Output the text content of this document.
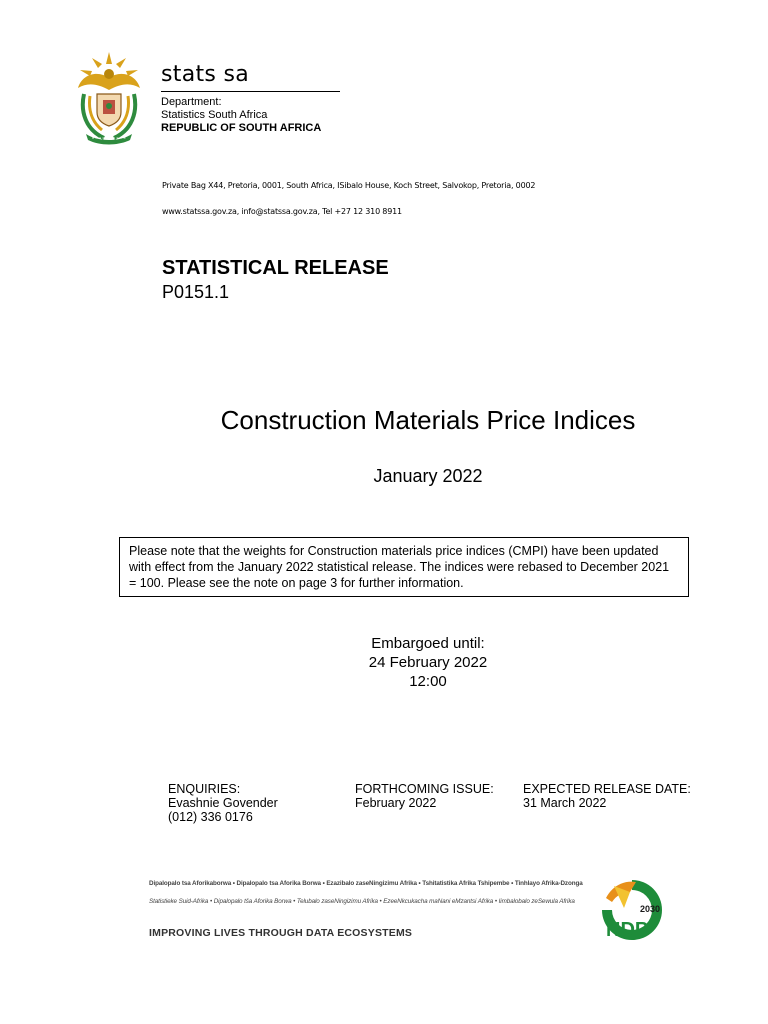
stats sa
Department:
Statistics South Africa
REPUBLIC OF SOUTH AFRICA
Private Bag X44, Pretoria, 0001, South Africa, ISibalo House, Koch Street, Salvokop, Pretoria, 0002
www.statssa.gov.za, info@statssa.gov.za, Tel +27 12 310 8911
STATISTICAL RELEASE
P0151.1
Construction Materials Price Indices
January 2022
Please note that the weights for Construction materials price indices (CMPI) have been updated with effect from the January 2022 statistical release. The indices were rebased to December 2021 = 100. Please see the note on page 3 for further information.
Embargoed until:
24 February 2022
12:00
ENQUIRIES:
Evashnie Govender
(012) 336 0176
FORTHCOMING ISSUE:
February 2022
EXPECTED RELEASE DATE:
31 March 2022
Dipalopalo tsa Aforikaborwa • Dipalopalo tsa Aforika Borwa • Ezazibalo zaseNingizimu Afrika • Tshitatistika Afrika Tshipembe • Tinhlayo Afrika-Dzonga
Statistieke Suid-Afrika • Dipalopalo tša Aforika Borwa • Telubalo zaseNingizimu Afrika • EzeeNkcukacha maNani eMzantsi Afrika • Iimbalobalo zeSewula Afrika
IMPROVING LIVES THROUGH DATA ECOSYSTEMS
2030
NDP
